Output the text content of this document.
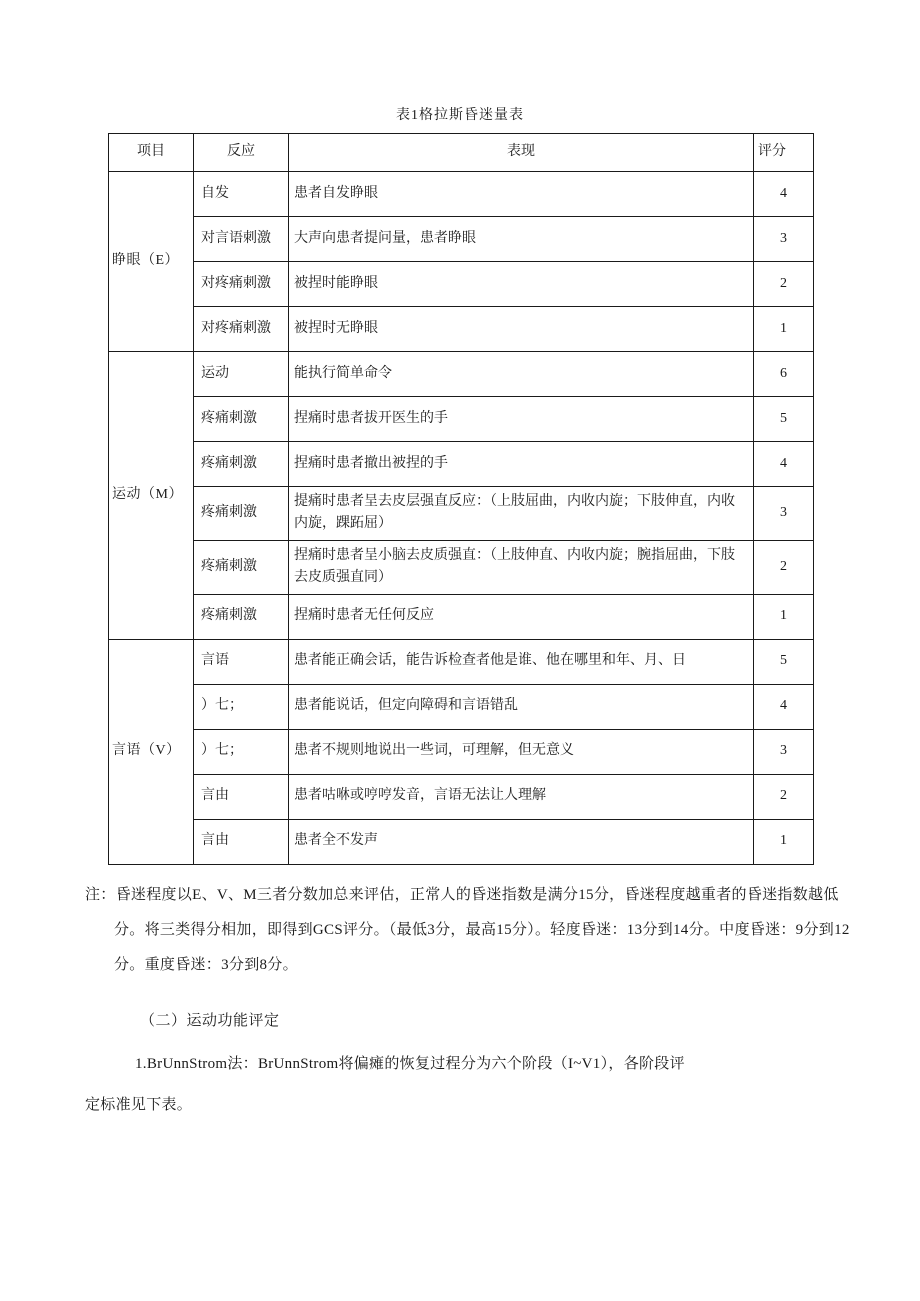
表1格拉斯昏迷量表
项目	反应	表现	评分
睁眼（E）	自发	患者自发睁眼	4
	对言语刺激	大声向患者提问量，患者睁眼	3
	对疼痛刺激	被捏时能睁眼	2
	对疼痛刺激	被捏时无睁眼	1
运动（M）	运动	能执行简单命令	6
	疼痛刺激	捏痛时患者拔开医生的手	5
	疼痛刺激	捏痛时患者撤出被捏的手	4
	疼痛刺激	提痛时患者呈去皮层强直反应：（上肢屈曲，内收内旋；下肢伸直，内收内旋，踝跖屈）	3
	疼痛刺激	捏痛时患者呈小脑去皮质强直：（上肢伸直、内收内旋；腕指屈曲，下肢去皮质强直同）	2
	疼痛刺激	捏痛时患者无任何反应	1
言语（V）	言语	患者能正确会话，能告诉检查者他是谁、他在哪里和年、月、日	5
	）七；	患者能说话，但定向障碍和言语错乱	4
	）七；	患者不规则地说出一些词，可理解，但无意义	3
	言由	患者咕咻或哼哼发音，言语无法让人理解	2
	言由	患者全不发声	1

注：昏迷程度以E、V、M三者分数加总来评估，正常人的昏迷指数是满分15分，昏迷程度越重者的昏迷指数越低分。将三类得分相加，即得到GCS评分。（最低3分，最高15分）。轻度昏迷：13分到14分。中度昏迷：9分到12分。重度昏迷：3分到8分。

（二）运动功能评定
1.BrUnnStrom法：BrUnnStrom将偏瘫的恢复过程分为六个阶段（I~V1），各阶段评
定标准见下表。
